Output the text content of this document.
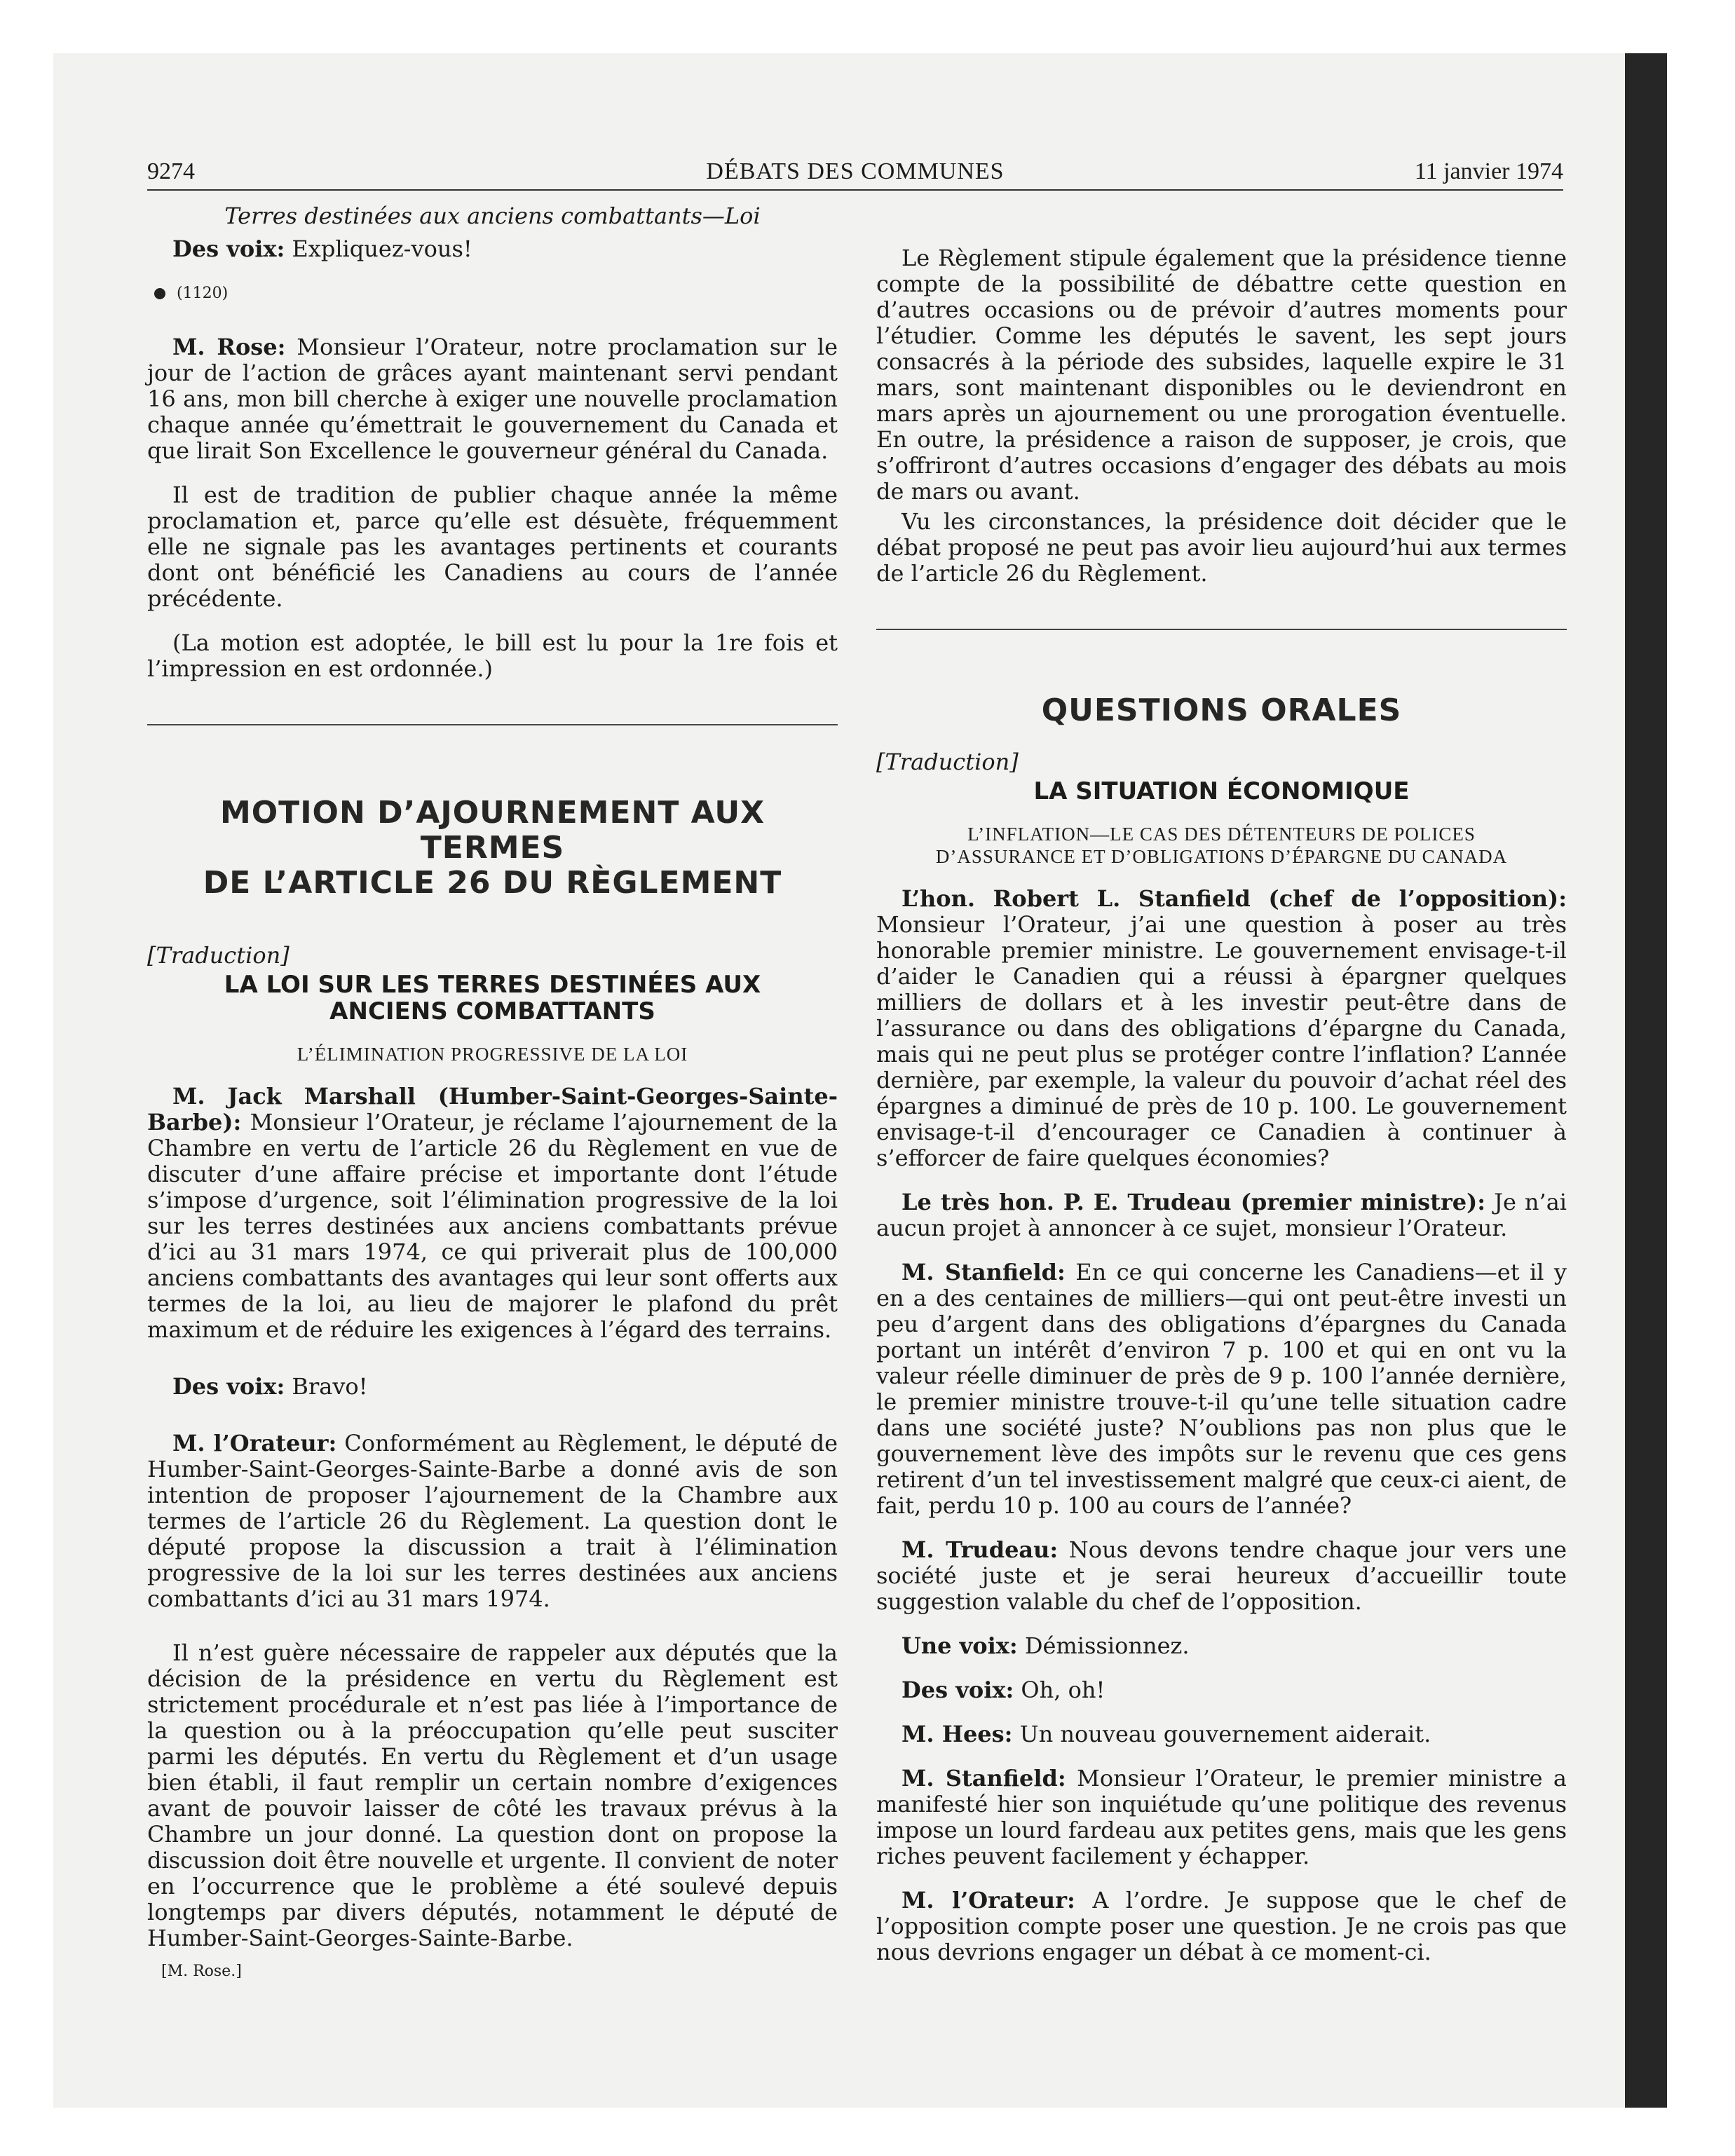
9274	DÉBATS DES COMMUNES	11 janvier 1974

Terres destinées aux anciens combattants—Loi

Des voix: Expliquez-vous!

(1120)

M. Rose: Monsieur l’Orateur, notre proclamation sur le jour de l’action de grâces ayant maintenant servi pendant 16 ans, mon bill cherche à exiger une nouvelle proclamation chaque année qu’émettrait le gouvernement du Canada et que lirait Son Excellence le gouverneur général du Canada.

Il est de tradition de publier chaque année la même proclamation et, parce qu’elle est désuète, fréquemment elle ne signale pas les avantages pertinents et courants dont ont bénéficié les Canadiens au cours de l’année précédente.

(La motion est adoptée, le bill est lu pour la 1re fois et l’impression en est ordonnée.)

MOTION D’AJOURNEMENT AUX TERMES
DE L’ARTICLE 26 DU RÈGLEMENT

[Traduction]

LA LOI SUR LES TERRES DESTINÉES AUX
ANCIENS COMBATTANTS
L’ÉLIMINATION PROGRESSIVE DE LA LOI

M. Jack Marshall (Humber-Saint-Georges-Sainte-Barbe): Monsieur l’Orateur, je réclame l’ajournement de la Chambre en vertu de l’article 26 du Règlement en vue de discuter d’une affaire précise et importante dont l’étude s’impose d’urgence, soit l’élimination progressive de la loi sur les terres destinées aux anciens combattants prévue d’ici au 31 mars 1974, ce qui priverait plus de 100,000 anciens combattants des avantages qui leur sont offerts aux termes de la loi, au lieu de majorer le plafond du prêt maximum et de réduire les exigences à l’égard des terrains.

Des voix: Bravo!

M. l’Orateur: Conformément au Règlement, le député de Humber-Saint-Georges-Sainte-Barbe a donné avis de son intention de proposer l’ajournement de la Chambre aux termes de l’article 26 du Règlement. La question dont le député propose la discussion a trait à l’élimination progressive de la loi sur les terres destinées aux anciens combattants d’ici au 31 mars 1974.

Il n’est guère nécessaire de rappeler aux députés que la décision de la présidence en vertu du Règlement est strictement procédurale et n’est pas liée à l’importance de la question ou à la préoccupation qu’elle peut susciter parmi les députés. En vertu du Règlement et d’un usage bien établi, il faut remplir un certain nombre d’exigences avant de pouvoir laisser de côté les travaux prévus à la Chambre un jour donné. La question dont on propose la discussion doit être nouvelle et urgente. Il convient de noter en l’occurrence que le problème a été soulevé depuis longtemps par divers députés, notamment le député de Humber-Saint-Georges-Sainte-Barbe.

[M. Rose.]

Le Règlement stipule également que la présidence tienne compte de la possibilité de débattre cette question en d’autres occasions ou de prévoir d’autres moments pour l’étudier. Comme les députés le savent, les sept jours consacrés à la période des subsides, laquelle expire le 31 mars, sont maintenant disponibles ou le deviendront en mars après un ajournement ou une prorogation éventuelle. En outre, la présidence a raison de supposer, je crois, que s’offriront d’autres occasions d’engager des débats au mois de mars ou avant.

Vu les circonstances, la présidence doit décider que le débat proposé ne peut pas avoir lieu aujourd’hui aux termes de l’article 26 du Règlement.

QUESTIONS ORALES

[Traduction]

LA SITUATION ÉCONOMIQUE
L’INFLATION—LE CAS DES DÉTENTEURS DE POLICES
D’ASSURANCE ET D’OBLIGATIONS D’ÉPARGNE DU CANADA

L’hon. Robert L. Stanfield (chef de l’opposition): Monsieur l’Orateur, j’ai une question à poser au très honorable premier ministre. Le gouvernement envisage-t-il d’aider le Canadien qui a réussi à épargner quelques milliers de dollars et à les investir peut-être dans de l’assurance ou dans des obligations d’épargne du Canada, mais qui ne peut plus se protéger contre l’inflation? L’année dernière, par exemple, la valeur du pouvoir d’achat réel des épargnes a diminué de près de 10 p. 100. Le gouvernement envisage-t-il d’encourager ce Canadien à continuer à s’efforcer de faire quelques économies?

Le très hon. P. E. Trudeau (premier ministre): Je n’ai aucun projet à annoncer à ce sujet, monsieur l’Orateur.

M. Stanfield: En ce qui concerne les Canadiens—et il y en a des centaines de milliers—qui ont peut-être investi un peu d’argent dans des obligations d’épargnes du Canada portant un intérêt d’environ 7 p. 100 et qui en ont vu la valeur réelle diminuer de près de 9 p. 100 l’année dernière, le premier ministre trouve-t-il qu’une telle situation cadre dans une société juste? N’oublions pas non plus que le gouvernement lève des impôts sur le revenu que ces gens retirent d’un tel investissement malgré que ceux-ci aient, de fait, perdu 10 p. 100 au cours de l’année?

M. Trudeau: Nous devons tendre chaque jour vers une société juste et je serai heureux d’accueillir toute suggestion valable du chef de l’opposition.

Une voix: Démissionnez.

Des voix: Oh, oh!

M. Hees: Un nouveau gouvernement aiderait.

M. Stanfield: Monsieur l’Orateur, le premier ministre a manifesté hier son inquiétude qu’une politique des revenus impose un lourd fardeau aux petites gens, mais que les gens riches peuvent facilement y échapper.

M. l’Orateur: A l’ordre. Je suppose que le chef de l’opposition compte poser une question. Je ne crois pas que nous devrions engager un débat à ce moment-ci.
